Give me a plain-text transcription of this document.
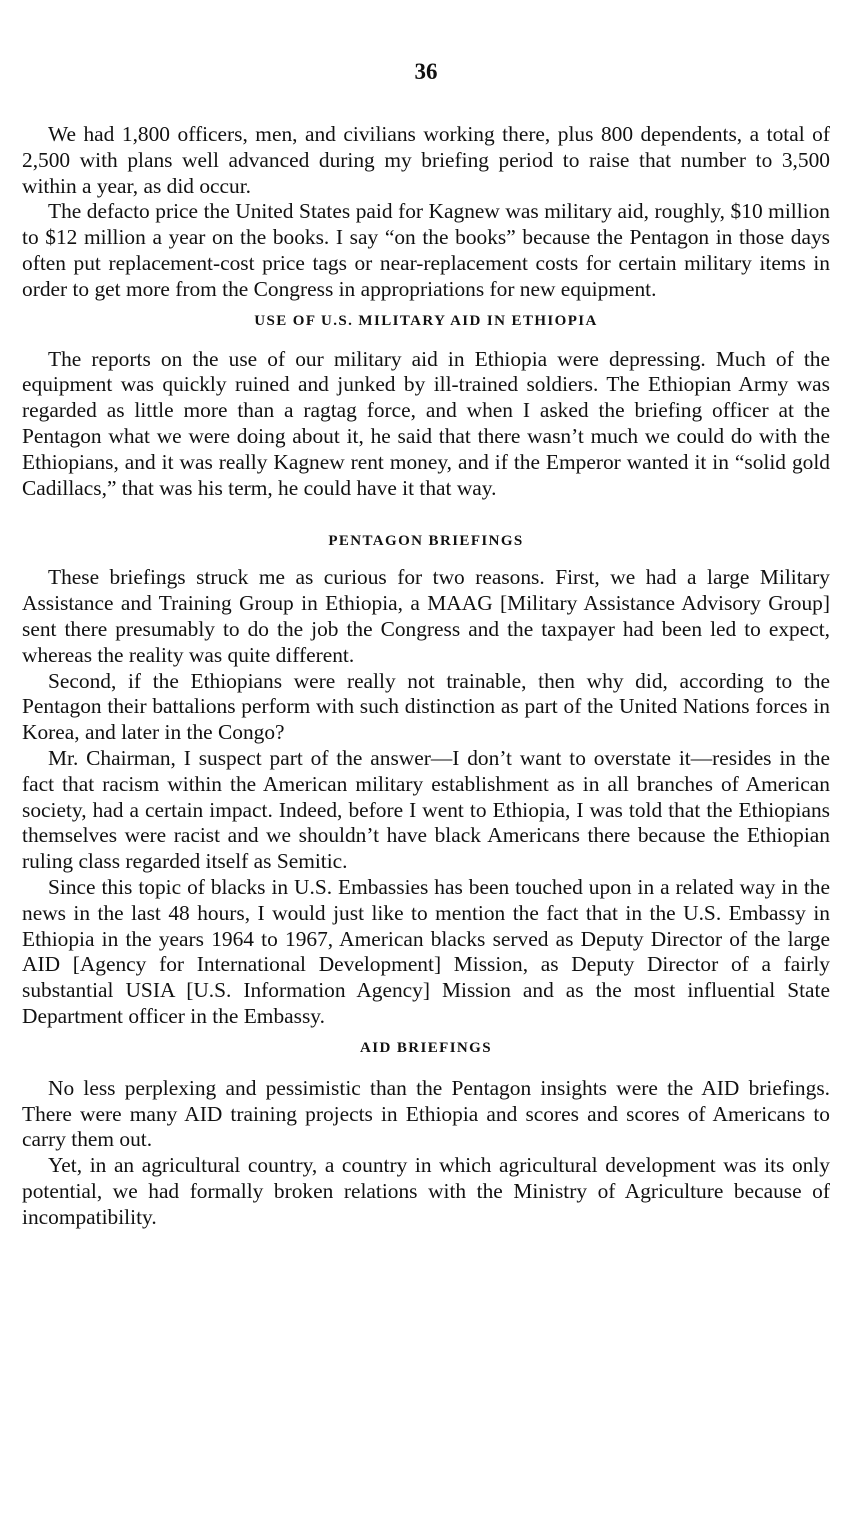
36

We had 1,800 officers, men, and civilians working there, plus 800 dependents, a total of 2,500 with plans well advanced during my briefing period to raise that number to 3,500 within a year, as did occur.

The defacto price the United States paid for Kagnew was military aid, roughly, $10 million to $12 million a year on the books. I say “on the books” because the Pentagon in those days often put replacement-cost price tags or near-replacement costs for certain military items in order to get more from the Congress in appropriations for new equipment.

USE OF U.S. MILITARY AID IN ETHIOPIA

The reports on the use of our military aid in Ethiopia were depressing. Much of the equipment was quickly ruined and junked by ill-trained soldiers. The Ethiopian Army was regarded as little more than a ragtag force, and when I asked the briefing officer at the Pentagon what we were doing about it, he said that there wasn’t much we could do with the Ethiopians, and it was really Kagnew rent money, and if the Emperor wanted it in “solid gold Cadillacs,” that was his term, he could have it that way.

PENTAGON BRIEFINGS

These briefings struck me as curious for two reasons. First, we had a large Military Assistance and Training Group in Ethiopia, a MAAG [Military Assistance Advisory Group] sent there presumably to do the job the Congress and the taxpayer had been led to expect, whereas the reality was quite different.

Second, if the Ethiopians were really not trainable, then why did, according to the Pentagon their battalions perform with such distinction as part of the United Nations forces in Korea, and later in the Congo?

Mr. Chairman, I suspect part of the answer—I don’t want to overstate it—resides in the fact that racism within the American military establishment as in all branches of American society, had a certain impact. Indeed, before I went to Ethiopia, I was told that the Ethiopians themselves were racist and we shouldn’t have black Americans there because the Ethiopian ruling class regarded itself as Semitic.

Since this topic of blacks in U.S. Embassies has been touched upon in a related way in the news in the last 48 hours, I would just like to mention the fact that in the U.S. Embassy in Ethiopia in the years 1964 to 1967, American blacks served as Deputy Director of the large AID [Agency for International Development] Mission, as Deputy Director of a fairly substantial USIA [U.S. Information Agency] Mission and as the most influential State Department officer in the Embassy.

AID BRIEFINGS

No less perplexing and pessimistic than the Pentagon insights were the AID briefings. There were many AID training projects in Ethiopia and scores and scores of Americans to carry them out.

Yet, in an agricultural country, a country in which agricultural development was its only potential, we had formally broken relations with the Ministry of Agriculture because of incompatibility.
